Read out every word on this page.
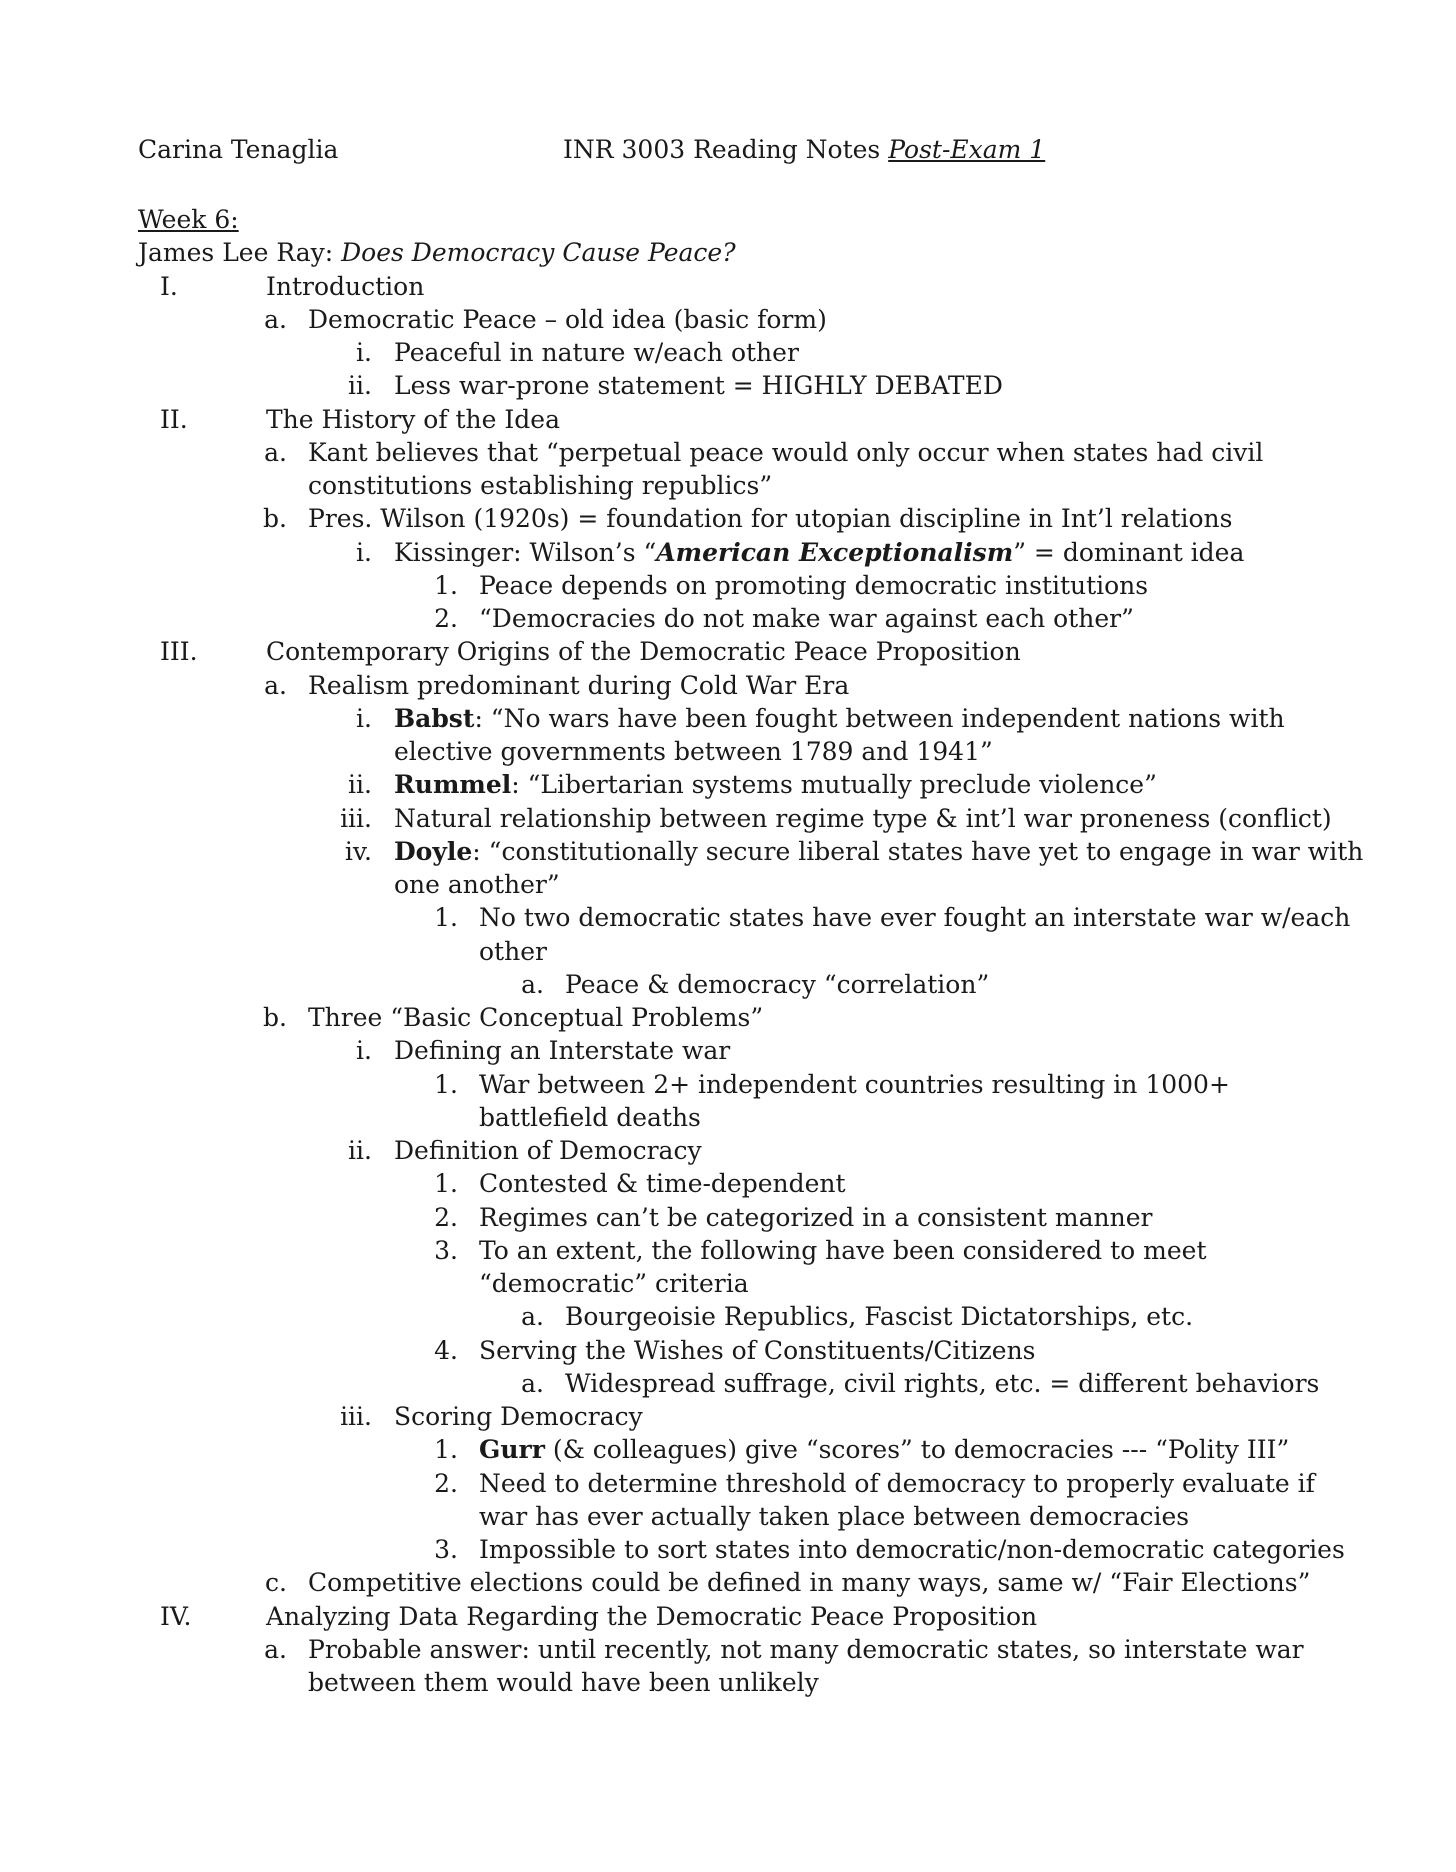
Carina Tenaglia	INR 3003 Reading Notes Post-Exam 1
Week 6:
James Lee Ray: Does Democracy Cause Peace?
I.	Introduction
a. Democratic Peace – old idea (basic form)
i. Peaceful in nature w/each other
ii. Less war-prone statement = HIGHLY DEBATED
II.	The History of the Idea
a. Kant believes that “perpetual peace would only occur when states had civil
constitutions establishing republics”
b. Pres. Wilson (1920s) = foundation for utopian discipline in Int’l relations
i. Kissinger: Wilson’s “American Exceptionalism” = dominant idea
1. Peace depends on promoting democratic institutions
2. “Democracies do not make war against each other”
III.	Contemporary Origins of the Democratic Peace Proposition
a. Realism predominant during Cold War Era
i. Babst: “No wars have been fought between independent nations with
elective governments between 1789 and 1941”
ii. Rummel: “Libertarian systems mutually preclude violence”
iii. Natural relationship between regime type & int’l war proneness (conflict)
iv. Doyle: “constitutionally secure liberal states have yet to engage in war with
one another”
1. No two democratic states have ever fought an interstate war w/each
other
a. Peace & democracy “correlation”
b. Three “Basic Conceptual Problems”
i. Defining an Interstate war
1. War between 2+ independent countries resulting in 1000+
battlefield deaths
ii. Definition of Democracy
1. Contested & time-dependent
2. Regimes can’t be categorized in a consistent manner
3. To an extent, the following have been considered to meet
“democratic” criteria
a. Bourgeoisie Republics, Fascist Dictatorships, etc.
4. Serving the Wishes of Constituents/Citizens
a. Widespread suffrage, civil rights, etc. = different behaviors
iii. Scoring Democracy
1. Gurr (& colleagues) give “scores” to democracies --- “Polity III”
2. Need to determine threshold of democracy to properly evaluate if
war has ever actually taken place between democracies
3. Impossible to sort states into democratic/non-democratic categories
c. Competitive elections could be defined in many ways, same w/ “Fair Elections”
IV.	Analyzing Data Regarding the Democratic Peace Proposition
a. Probable answer: until recently, not many democratic states, so interstate war
between them would have been unlikely
